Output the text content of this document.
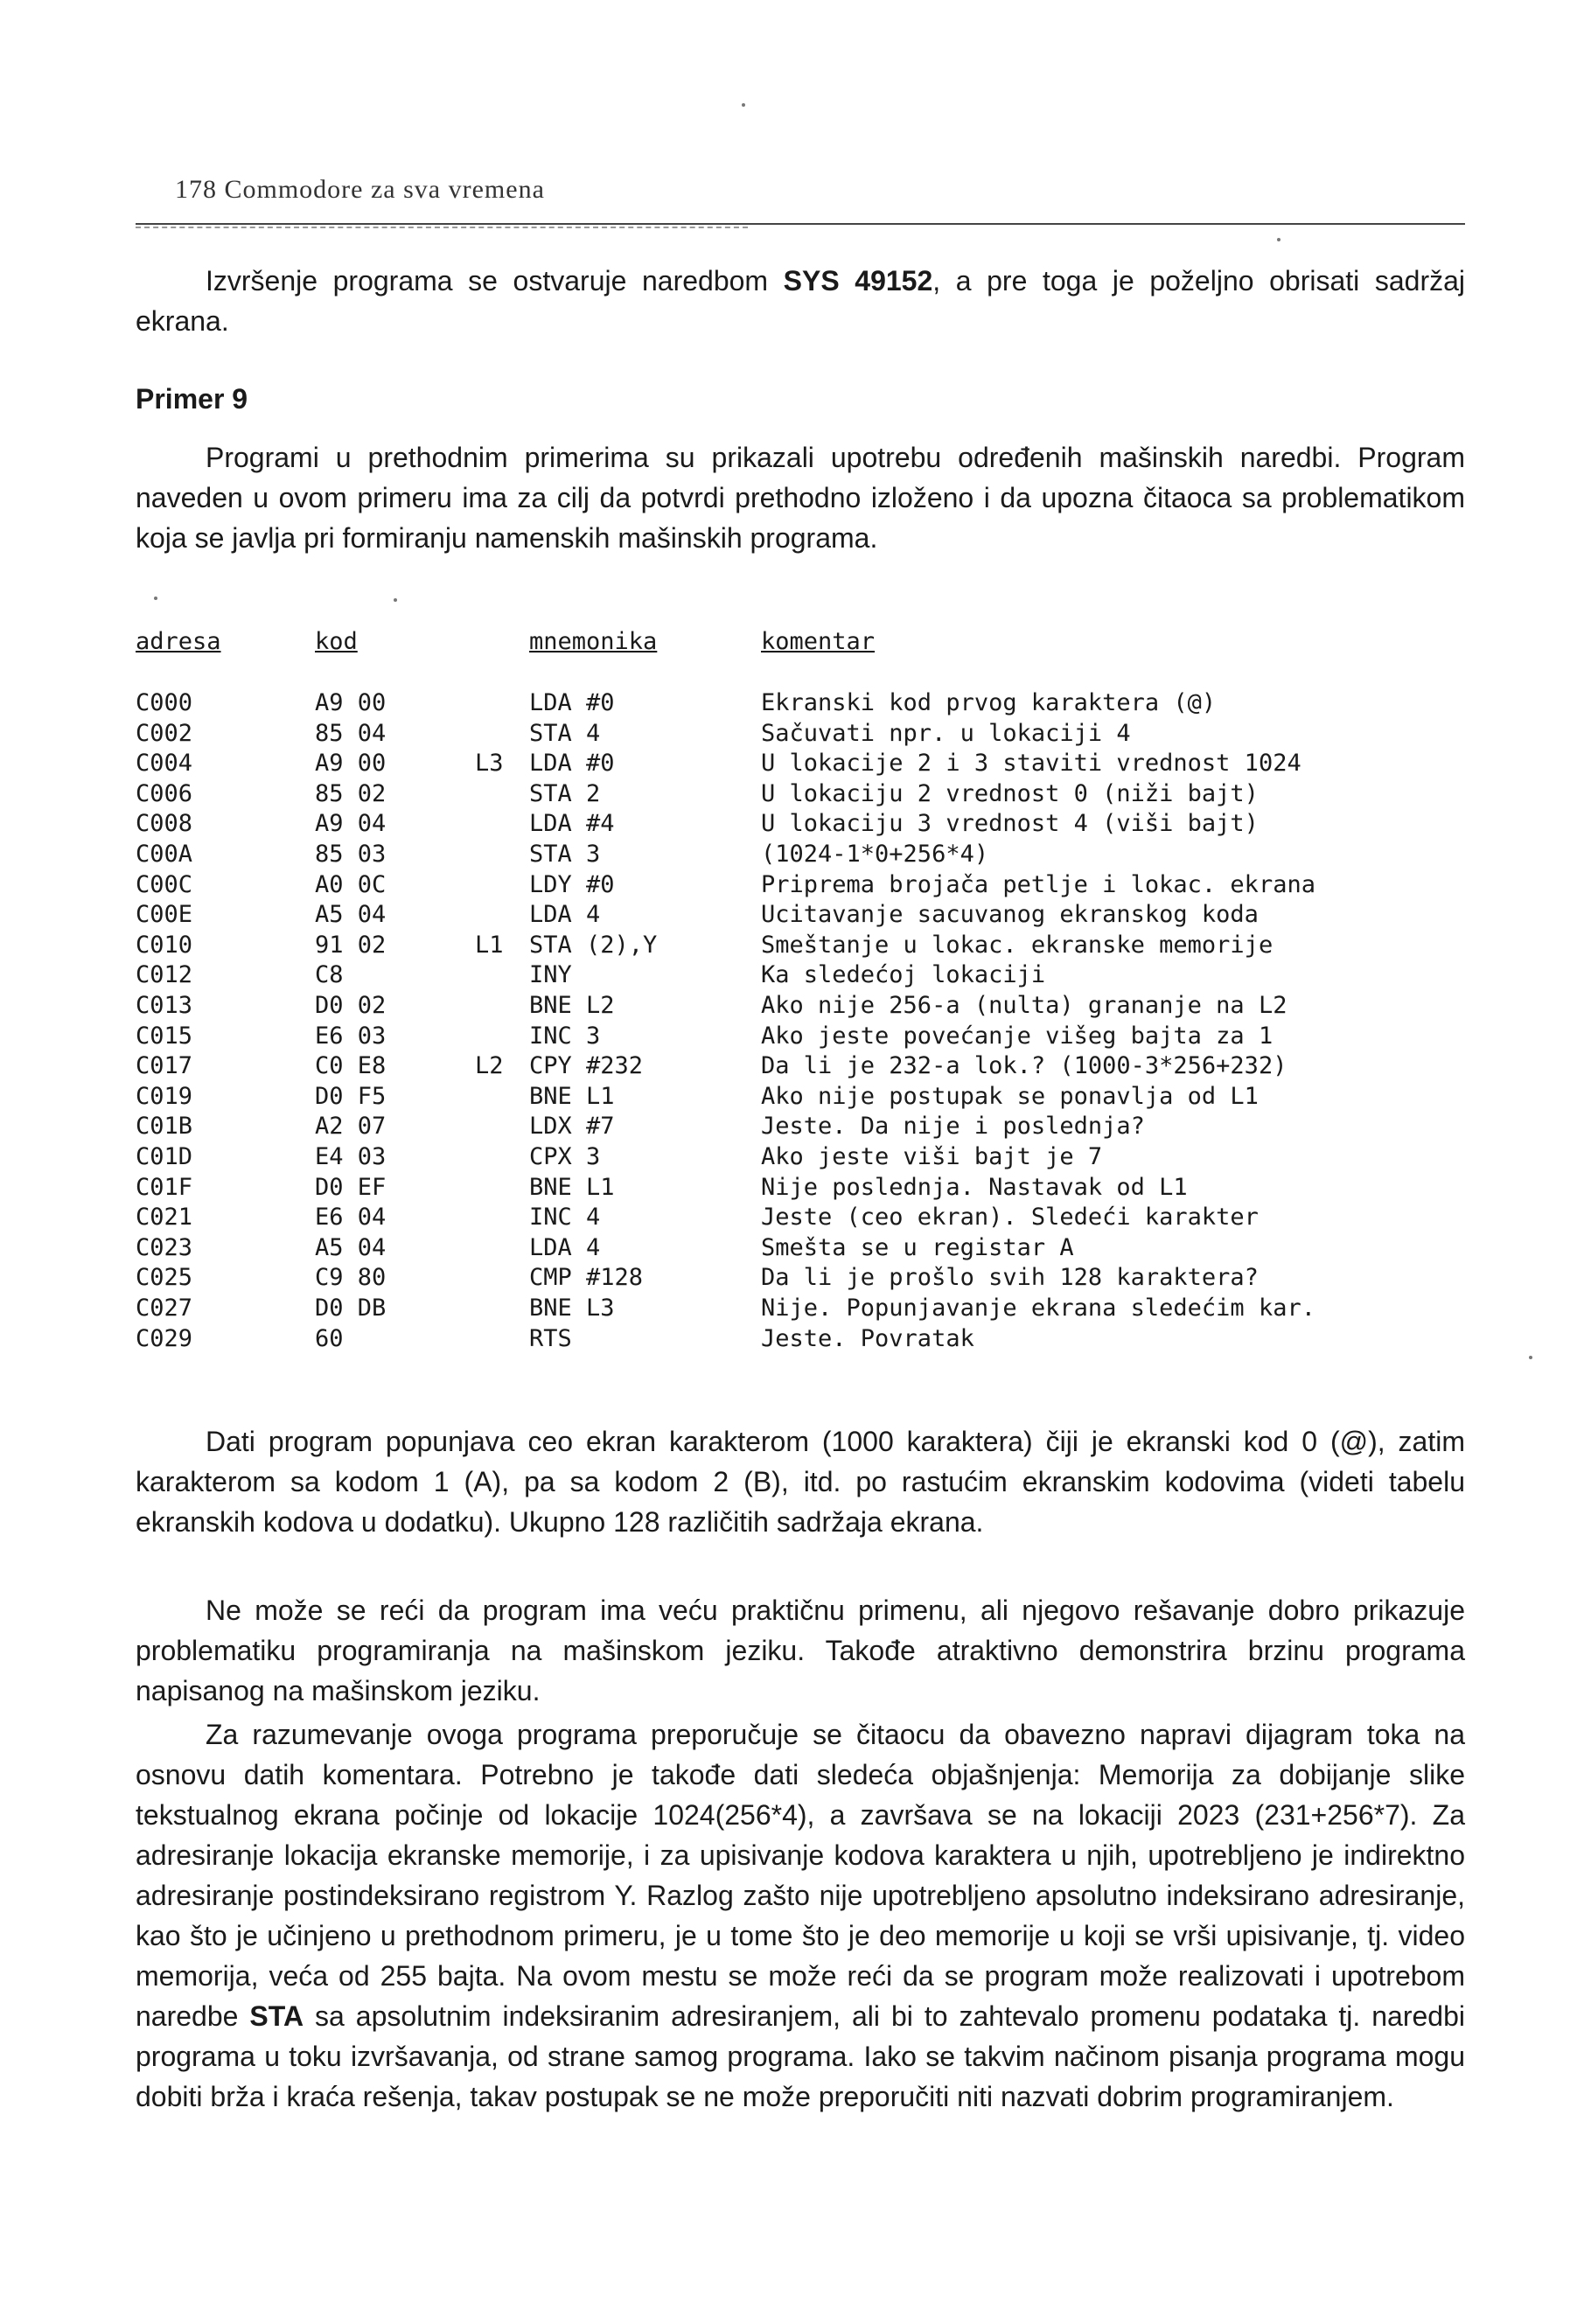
178 Commodore za sva vremena

Izvršenje programa se ostvaruje naredbom SYS 49152, a pre toga je poželjno obrisati sadržaj ekrana.

Primer 9

Programi u prethodnim primerima su prikazali upotrebu određenih mašinskih naredbi. Program naveden u ovom primeru ima za cilj da potvrdi prethodno izloženo i da upozna čitaoca sa problematikom koja se javlja pri formiranju namenskih mašinskih programa.

adresa	kod	mnemonika	komentar
C000	A9 00	LDA #0	Ekranski kod prvog karaktera (@)
C002	85 04	STA 4	Sačuvati npr. u lokaciji 4
C004	A9 00	L3 LDA #0	U lokacije 2 i 3 staviti vrednost 1024
C006	85 02	STA 2	U lokaciju 2 vrednost 0 (niži bajt)
C008	A9 04	LDA #4	U lokaciju 3 vrednost 4 (viši bajt)
C00A	85 03	STA 3	(1024-1*0+256*4)
C00C	A0 0C	LDY #0	Priprema brojača petlje i lokac. ekrana
C00E	A5 04	LDA 4	Ucitavanje sacuvanog ekranskog koda
C010	91 02	L1 STA (2),Y	Smeštanje u lokac. ekranske memorije
C012	C8	INY	Ka sledećoj lokaciji
C013	D0 02	BNE L2	Ako nije 256-a (nulta) grananje na L2
C015	E6 03	INC 3	Ako jeste povećanje višeg bajta za 1
C017	C0 E8	L2 CPY #232	Da li je 232-a lok.? (1000-3*256+232)
C019	D0 F5	BNE L1	Ako nije postupak se ponavlja od L1
C01B	A2 07	LDX #7	Jeste. Da nije i poslednja?
C01D	E4 03	CPX 3	Ako jeste viši bajt je 7
C01F	D0 EF	BNE L1	Nije poslednja. Nastavak od L1
C021	E6 04	INC 4	Jeste (ceo ekran). Sledeći karakter
C023	A5 04	LDA 4	Smešta se u registar A
C025	C9 80	CMP #128	Da li je prošlo svih 128 karaktera?
C027	D0 DB	BNE L3	Nije. Popunjavanje ekrana sledećim kar.
C029	60	RTS	Jeste. Povratak

Dati program popunjava ceo ekran karakterom (1000 karaktera) čiji je ekranski kod 0 (@), zatim karakterom sa kodom 1 (A), pa sa kodom 2 (B), itd. po rastućim ekranskim kodovima (videti tabelu ekranskih kodova u dodatku). Ukupno 128 različitih sadržaja ekrana.

Ne može se reći da program ima veću praktičnu primenu, ali njegovo rešavanje dobro prikazuje problematiku programiranja na mašinskom jeziku. Takođe atraktivno demonstrira brzinu programa napisanog na mašinskom jeziku.

Za razumevanje ovoga programa preporučuje se čitaocu da obavezno napravi dijagram toka na osnovu datih komentara. Potrebno je takođe dati sledeća objašnjenja: Memorija za dobijanje slike tekstualnog ekrana počinje od lokacije 1024(256*4), a završava se na lokaciji 2023 (231+256*7). Za adresiranje lokacija ekranske memorije, i za upisivanje kodova karaktera u njih, upotrebljeno je indirektno adresiranje postindeksirano registrom Y. Razlog zašto nije upotrebljeno apsolutno indeksirano adresiranje, kao što je učinjeno u prethodnom primeru, je u tome što je deo memorije u koji se vrši upisivanje, tj. video memorija, veća od 255 bajta. Na ovom mestu se može reći da se program može realizovati i upotrebom naredbe STA sa apsolutnim indeksiranim adresiranjem, ali bi to zahtevalo promenu podataka tj. naredbi programa u toku izvršavanja, od strane samog programa. Iako se takvim načinom pisanja programa mogu dobiti brža i kraća rešenja, takav postupak se ne može preporučiti niti nazvati dobrim programiranjem.
